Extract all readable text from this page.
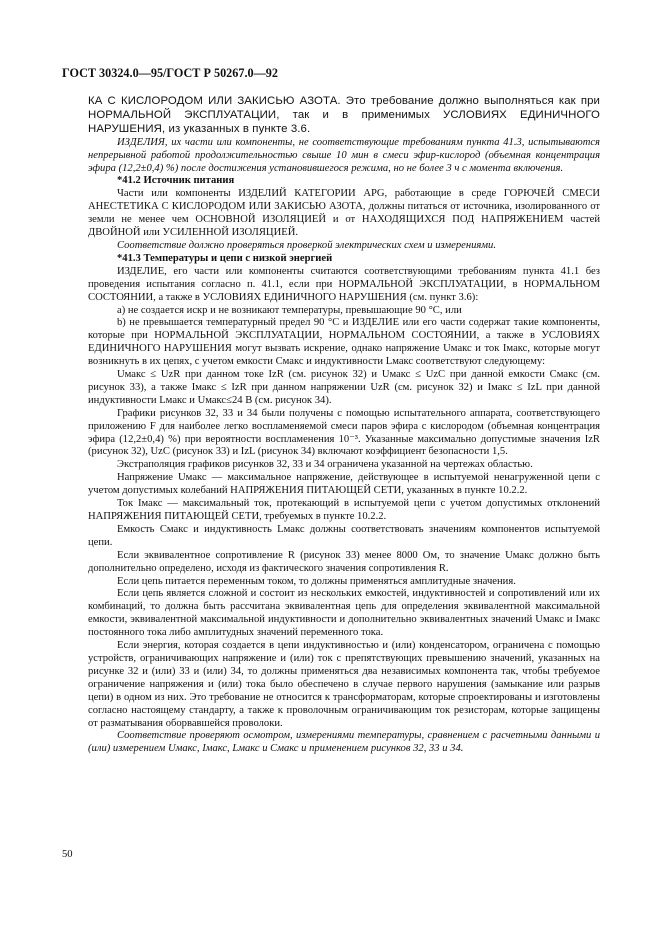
ГОСТ 30324.0—95/ГОСТ Р 50267.0—92

КА С КИСЛОРОДОМ ИЛИ ЗАКИСЬЮ АЗОТА. Это требование должно выполняться как при НОРМАЛЬНОЙ ЭКСПЛУАТАЦИИ, так и в применимых УСЛОВИЯХ ЕДИНИЧНОГО НАРУШЕНИЯ, из указанных в пункте 3.6.

ИЗДЕЛИЯ, их части или компоненты, не соответствующие требованиям пункта 41.3, испытываются непрерывной работой продолжительностью свыше 10 мин в смеси эфир-кислород (объемная концентрация эфира (12,2±0,4) %) после достижения установившегося режима, но не более 3 ч с момента включения.

*41.2 Источник питания

Части или компоненты ИЗДЕЛИЙ КАТЕГОРИИ APG, работающие в среде ГОРЮЧЕЙ СМЕСИ АНЕСТЕТИКА С КИСЛОРОДОМ ИЛИ ЗАКИСЬЮ АЗОТА, должны питаться от источника, изолированного от земли не менее чем ОСНОВНОЙ ИЗОЛЯЦИЕЙ и от НАХОДЯЩИХСЯ ПОД НАПРЯЖЕНИЕМ частей ДВОЙНОЙ или УСИЛЕННОЙ ИЗОЛЯЦИЕЙ.

Соответствие должно проверяться проверкой электрических схем и измерениями.

*41.3 Температуры и цепи с низкой энергией

ИЗДЕЛИЕ, его части или компоненты считаются соответствующими требованиям пункта 41.1 без проведения испытания согласно п. 41.1, если при НОРМАЛЬНОЙ ЭКСПЛУАТАЦИИ, в НОРМАЛЬНОМ СОСТОЯНИИ, а также в УСЛОВИЯХ ЕДИНИЧНОГО НАРУШЕНИЯ (см. пункт 3.6):

а) не создается искр и не возникают температуры, превышающие 90 °С, или

b) не превышается температурный предел 90 °С и ИЗДЕЛИЕ или его части содержат такие компоненты, которые при НОРМАЛЬНОЙ ЭКСПЛУАТАЦИИ, НОРМАЛЬНОМ СОСТОЯНИИ, а также в УСЛОВИЯХ ЕДИНИЧНОГО НАРУШЕНИЯ могут вызвать искрение, однако напряжение Uмакс и ток Iмакс, которые могут возникнуть в их цепях, с учетом емкости Смакс и индуктивности Lмакс соответствуют следующему:

Uмакс ≤ UzR при данном токе IzR (см. рисунок 32) и Uмакс ≤ UzC при данной емкости Смакс (см. рисунок 33), а также Iмакс ≤ IzR при данном напряжении UzR (см. рисунок 32) и Iмакс ≤ IzL при данной индуктивности Lмакс и Uмакс≤24 В (см. рисунок 34).

Графики рисунков 32, 33 и 34 были получены с помощью испытательного аппарата, соответствующего приложению F для наиболее легко воспламеняемой смеси паров эфира с кислородом (объемная концентрация эфира (12,2±0,4) %) при вероятности воспламенения 10⁻³. Указанные максимально допустимые значения IzR (рисунок 32), UzC (рисунок 33) и IzL (рисунок 34) включают коэффициент безопасности 1,5.

Экстраполяция графиков рисунков 32, 33 и 34 ограничена указанной на чертежах областью.

Напряжение Uмакс — максимальное напряжение, действующее в испытуемой ненагруженной цепи с учетом допустимых колебаний НАПРЯЖЕНИЯ ПИТАЮЩЕЙ СЕТИ, указанных в пункте 10.2.2.

Ток Iмакс — максимальный ток, протекающий в испытуемой цепи с учетом допустимых отклонений НАПРЯЖЕНИЯ ПИТАЮЩЕЙ СЕТИ, требуемых в пункте 10.2.2.

Емкость Смакс и индуктивность Lмакс должны соответствовать значениям компонентов испытуемой цепи.

Если эквивалентное сопротивление R (рисунок 33) менее 8000 Ом, то значение Uмакс должно быть дополнительно определено, исходя из фактического значения сопротивления R.

Если цепь питается переменным током, то должны применяться амплитудные значения.

Если цепь является сложной и состоит из нескольких емкостей, индуктивностей и сопротивлений или их комбинаций, то должна быть рассчитана эквивалентная цепь для определения эквивалентной максимальной емкости, эквивалентной максимальной индуктивности и дополнительно эквивалентных значений Uмакс и Iмакс постоянного тока либо амплитудных значений переменного тока.

Если энергия, которая создается в цепи индуктивностью и (или) конденсатором, ограничена с помощью устройств, ограничивающих напряжение и (или) ток с препятствующих превышению значений, указанных на рисунке 32 и (или) 33 и (или) 34, то должны применяться два независимых компонента так, чтобы требуемое ограничение напряжения и (или) тока было обеспечено в случае первого нарушения (замыкание или разрыв цепи) в одном из них. Это требование не относится к трансформаторам, которые спроектированы и изготовлены согласно настоящему стандарту, а также к проволочным ограничивающим ток резисторам, которые защищены от разматывания оборвавшейся проволоки.

Соответствие проверяют осмотром, измерениями температуры, сравнением с расчетными данными и (или) измерением Uмакс, Iмакс, Lмакс и Смакс и применением рисунков 32, 33 и 34.

50
